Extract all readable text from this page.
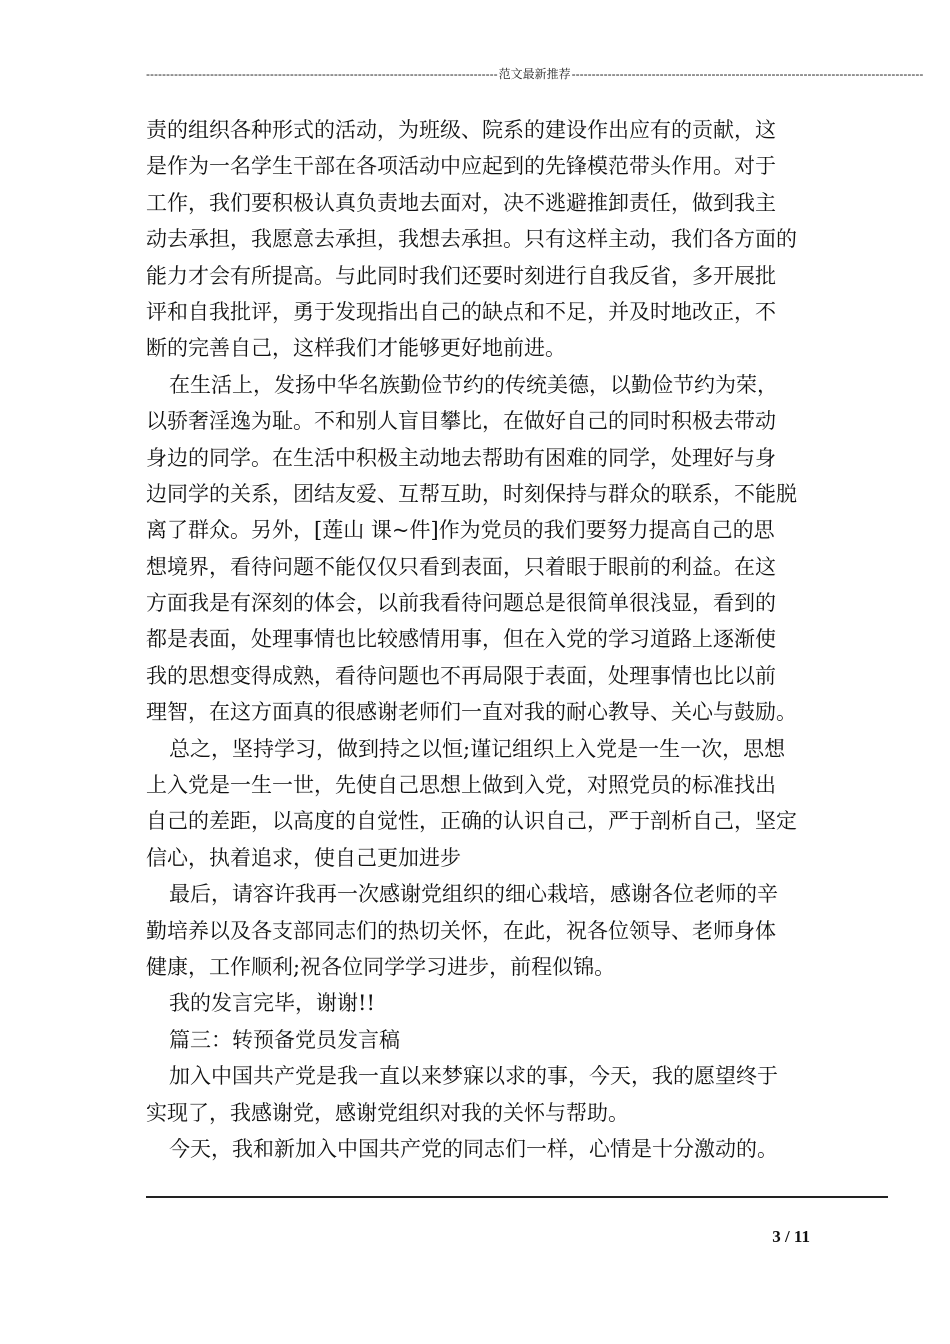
---------------------------------------------------------------------------------------- 范文最新推荐 ----------------------------------------------------------------------------------------
责的组织各种形式的活动，为班级、院系的建设作出应有的贡献，这
是作为一名学生干部在各项活动中应起到的先锋模范带头作用。对于
工作，我们要积极认真负责地去面对，决不逃避推卸责任，做到我主
动去承担，我愿意去承担，我想去承担。只有这样主动，我们各方面的
能力才会有所提高。与此同时我们还要时刻进行自我反省，多开展批
评和自我批评，勇于发现指出自己的缺点和不足，并及时地改正，不
断的完善自己，这样我们才能够更好地前进。
在生活上，发扬中华名族勤俭节约的传统美德，以勤俭节约为荣，
以骄奢淫逸为耻。不和别人盲目攀比，在做好自己的同时积极去带动
身边的同学。在生活中积极主动地去帮助有困难的同学，处理好与身
边同学的关系，团结友爱、互帮互助，时刻保持与群众的联系，不能脱
离了群众。另外，[莲山 课~件]作为党员的我们要努力提高自己的思
想境界，看待问题不能仅仅只看到表面，只着眼于眼前的利益。在这
方面我是有深刻的体会，以前我看待问题总是很简单很浅显，看到的
都是表面，处理事情也比较感情用事，但在入党的学习道路上逐渐使
我的思想变得成熟，看待问题也不再局限于表面，处理事情也比以前
理智，在这方面真的很感谢老师们一直对我的耐心教导、关心与鼓励。
总之，坚持学习，做到持之以恒;谨记组织上入党是一生一次，思想
上入党是一生一世，先使自己思想上做到入党，对照党员的标准找出
自己的差距，以高度的自觉性，正确的认识自己，严于剖析自己，坚定
信心，执着追求，使自己更加进步
最后，请容许我再一次感谢党组织的细心栽培，感谢各位老师的辛
勤培养以及各支部同志们的热切关怀，在此，祝各位领导、老师身体
健康，工作顺利;祝各位同学学习进步，前程似锦。
我的发言完毕，谢谢!!
篇三：转预备党员发言稿
加入中国共产党是我一直以来梦寐以求的事，今天，我的愿望终于
实现了，我感谢党，感谢党组织对我的关怀与帮助。
今天，我和新加入中国共产党的同志们一样，心情是十分激动的。
3 / 11
